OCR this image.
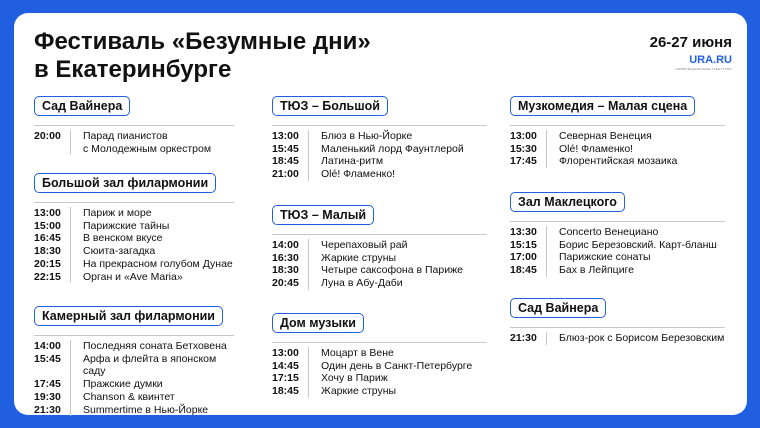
Фестиваль «Безумные дни»
в Екатеринбурге
26-27 июня
URA.RU
ИНФОРМАЦИОННОЕ АГЕНТСТВО
Сад Вайнера
20:00	Парад пианистов
с Молодежным оркестром
Большой зал филармонии
13:00	Париж и море
15:00	Парижские тайны
16:45	В венском вкусе
18:30	Сюита-загадка
20:15	На прекрасном голубом Дунае
22:15	Орган и «Ave Maria»
Камерный зал филармонии
14:00	Последняя соната Бетховена
15:45	Арфа и флейта в японском саду
17:45	Пражские думки
19:30	Chanson & квинтет
21:30	Summertime в Нью-Йорке
ТЮЗ – Большой
13:00	Блюз в Нью-Йорке
15:45	Маленький лорд Фаунтлерой
18:45	Латина-ритм
21:00	Olé! Фламенко!
ТЮЗ – Малый
14:00	Черепаховый рай
16:30	Жаркие струны
18:30	Четыре саксофона в Париже
20:45	Луна в Абу-Даби
Дом музыки
13:00	Моцарт в Вене
14:45	Один день в Санкт-Петербурге
17:15	Хочу в Париж
18:45	Жаркие струны
Музкомедия – Малая сцена
13:00	Северная Венеция
15:30	Olé! Фламенко!
17:45	Флорентийская мозаика
Зал Маклецкого
13:30	Concerto Венециано
15:15	Борис Березовский. Карт-бланш
17:00	Парижские сонаты
18:45	Бах в Лейпциге
Сад Вайнера
21:30	Блюз-рок с Борисом Березовским
